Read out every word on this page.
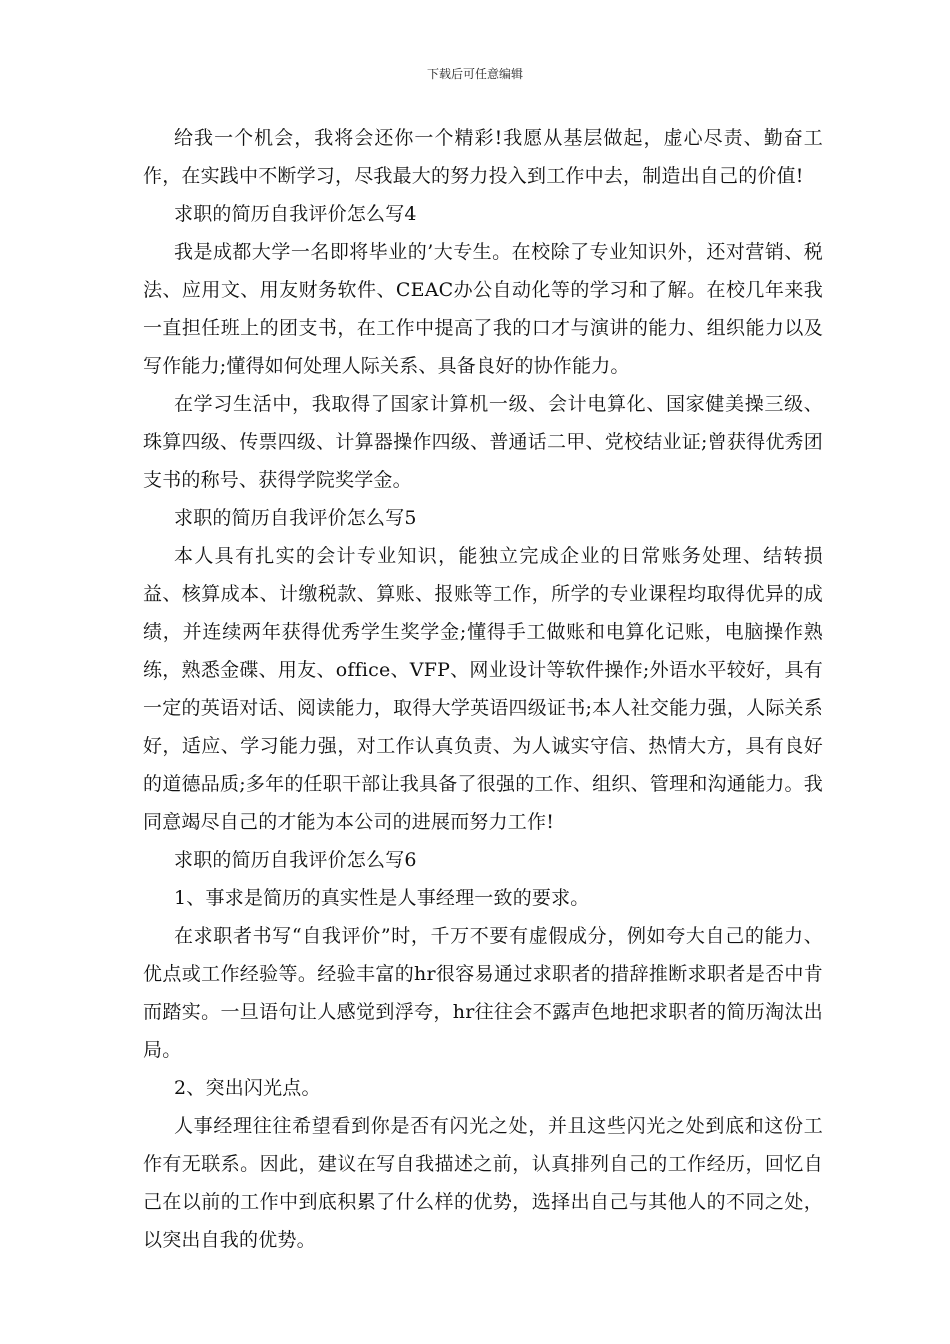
下载后可任意编辑

给我一个机会，我将会还你一个精彩!我愿从基层做起，虚心尽责、勤奋工作，在实践中不断学习，尽我最大的努力投入到工作中去，制造出自己的价值!

求职的简历自我评价怎么写4

我是成都大学一名即将毕业的’大专生。在校除了专业知识外，还对营销、税法、应用文、用友财务软件、CEAC办公自动化等的学习和了解。在校几年来我一直担任班上的团支书，在工作中提高了我的口才与演讲的能力、组织能力以及写作能力;懂得如何处理人际关系、具备良好的协作能力。

在学习生活中，我取得了国家计算机一级、会计电算化、国家健美操三级、珠算四级、传票四级、计算器操作四级、普通话二甲、党校结业证;曾获得优秀团支书的称号、获得学院奖学金。

求职的简历自我评价怎么写5

本人具有扎实的会计专业知识，能独立完成企业的日常账务处理、结转损益、核算成本、计缴税款、算账、报账等工作，所学的专业课程均取得优异的成绩，并连续两年获得优秀学生奖学金;懂得手工做账和电算化记账，电脑操作熟练，熟悉金碟、用友、office、VFP、网业设计等软件操作;外语水平较好，具有一定的英语对话、阅读能力，取得大学英语四级证书;本人社交能力强，人际关系好，适应、学习能力强，对工作认真负责、为人诚实守信、热情大方，具有良好的道德品质;多年的任职干部让我具备了很强的工作、组织、管理和沟通能力。我同意竭尽自己的才能为本公司的进展而努力工作!

求职的简历自我评价怎么写6

1、事求是简历的真实性是人事经理一致的要求。

在求职者书写“自我评价”时，千万不要有虚假成分，例如夸大自己的能力、优点或工作经验等。经验丰富的hr很容易通过求职者的措辞推断求职者是否中肯而踏实。一旦语句让人感觉到浮夸，hr往往会不露声色地把求职者的简历淘汰出局。

2、突出闪光点。

人事经理往往希望看到你是否有闪光之处，并且这些闪光之处到底和这份工作有无联系。因此，建议在写自我描述之前，认真排列自己的工作经历，回忆自己在以前的工作中到底积累了什么样的优势，选择出自己与其他人的不同之处，以突出自我的优势。
